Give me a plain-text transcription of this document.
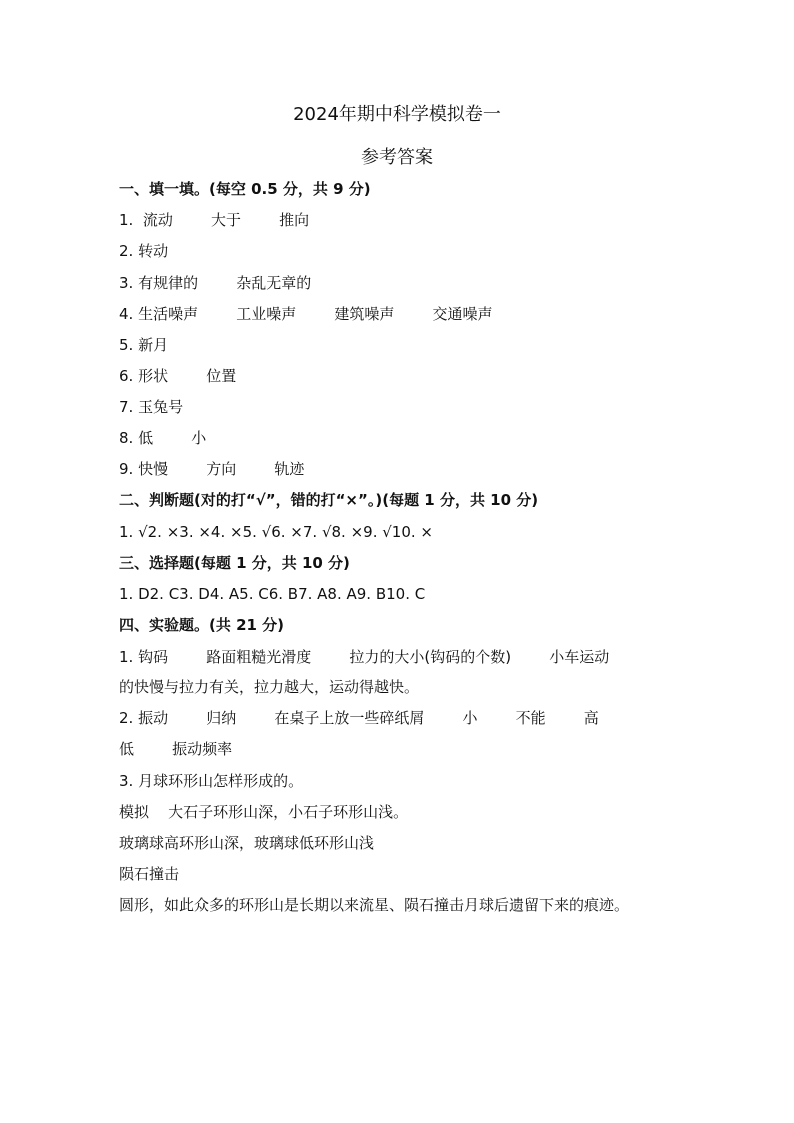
2024年期中科学模拟卷一
参考答案
一、填一填。(每空 0.5 分，共 9 分)
1.  流动        大于        推向
2. 转动
3. 有规律的        杂乱无章的
4. 生活噪声        工业噪声        建筑噪声        交通噪声
5. 新月
6. 形状        位置
7. 玉兔号
8. 低        小
9. 快慢        方向        轨迹
二、判断题(对的打“√”，错的打“×”。)(每题 1 分，共 10 分)
1. √2. ×3. ×4. ×5. √6. ×7. √8. ×9. √10. ×
三、选择题(每题 1 分，共 10 分)
1. D2. C3. D4. A5. C6. B7. A8. A9. B10. C
四、实验题。(共 21 分)
1. 钩码        路面粗糙光滑度        拉力的大小(钩码的个数)        小车运动
的快慢与拉力有关，拉力越大，运动得越快。
2. 振动        归纳        在桌子上放一些碎纸屑        小        不能        高
低        振动频率
3. 月球环形山怎样形成的。
模拟    大石子环形山深，小石子环形山浅。
玻璃球高环形山深，玻璃球低环形山浅
陨石撞击
圆形，如此众多的环形山是长期以来流星、陨石撞击月球后遗留下来的痕迹。
